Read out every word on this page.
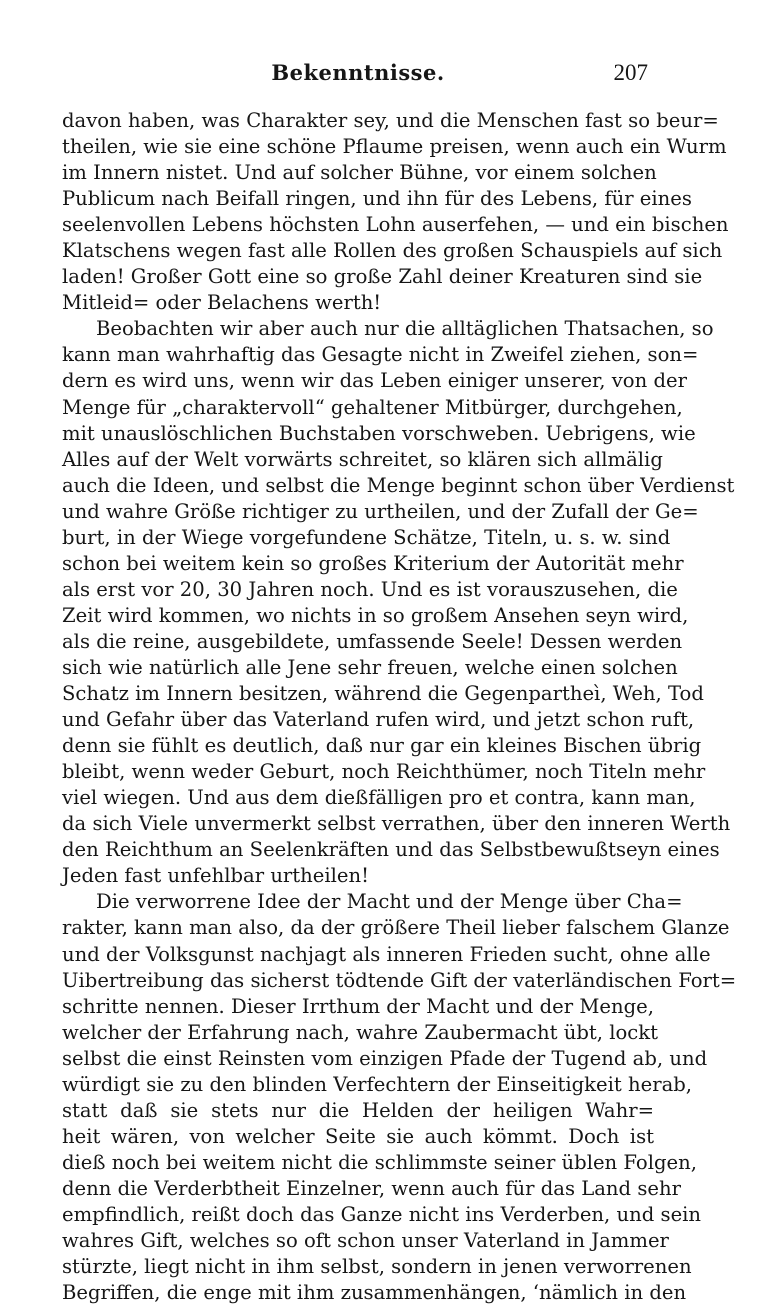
Bekenntnisse.	207
davon haben, was Charakter sey, und die Menschen fast so beur=
theilen, wie sie eine schöne Pflaume preisen, wenn auch ein Wurm
im Innern nistet. Und auf solcher Bühne, vor einem solchen
Publicum nach Beifall ringen, und ihn für des Lebens, für eines
seelenvollen Lebens höchsten Lohn auserfehen, — und ein bischen
Klatschens wegen fast alle Rollen des großen Schauspiels auf sich
laden! Großer Gott eine so große Zahl deiner Kreaturen sind sie
Mitleid= oder Belachens werth!
Beobachten wir aber auch nur die alltäglichen Thatsachen, so
kann man wahrhaftig das Gesagte nicht in Zweifel ziehen, son=
dern es wird uns, wenn wir das Leben einiger unserer, von der
Menge für „charaktervoll“ gehaltener Mitbürger, durchgehen,
mit unauslöschlichen Buchstaben vorschweben. Uebrigens, wie
Alles auf der Welt vorwärts schreitet, so klären sich allmälig
auch die Ideen, und selbst die Menge beginnt schon über Verdienst
und wahre Größe richtiger zu urtheilen, und der Zufall der Ge=
burt, in der Wiege vorgefundene Schätze, Titeln, u. s. w. sind
schon bei weitem kein so großes Kriterium der Autorität mehr
als erst vor 20, 30 Jahren noch. Und es ist vorauszusehen, die
Zeit wird kommen, wo nichts in so großem Ansehen seyn wird,
als die reine, ausgebildete, umfassende Seele! Dessen werden
sich wie natürlich alle Jene sehr freuen, welche einen solchen
Schatz im Innern besitzen, während die Gegenpartheì, Weh, Tod
und Gefahr über das Vaterland rufen wird, und jetzt schon ruft,
denn sie fühlt es deutlich, daß nur gar ein kleines Bischen übrig
bleibt, wenn weder Geburt, noch Reichthümer, noch Titeln mehr
viel wiegen. Und aus dem dießfälligen pro et contra, kann man,
da sich Viele unvermerkt selbst verrathen, über den inneren Werth
den Reichthum an Seelenkräften und das Selbstbewußtseyn eines
Jeden fast unfehlbar urtheilen!
Die verworrene Idee der Macht und der Menge über Cha=
rakter, kann man also, da der größere Theil lieber falschem Glanze
und der Volksgunst nachjagt als inneren Frieden sucht, ohne alle
Uibertreibung das sicherst tödtende Gift der vaterländischen Fort=
schritte nennen. Dieser Irrthum der Macht und der Menge,
welcher der Erfahrung nach, wahre Zaubermacht übt, lockt
selbst die einst Reinsten vom einzigen Pfade der Tugend ab, und
würdigt sie zu den blinden Verfechtern der Einseitigkeit herab,
statt daß sie stets nur die Helden der heiligen Wahr=
heit wären, von welcher Seite sie auch kömmt. Doch ist
dieß noch bei weitem nicht die schlimmste seiner üblen Folgen,
denn die Verderbtheit Einzelner, wenn auch für das Land sehr
empfindlich, reißt doch das Ganze nicht ins Verderben, und sein
wahres Gift, welches so oft schon unser Vaterland in Jammer
stürzte, liegt nicht in ihm selbst, sondern in jenen verworrenen
Begriffen, die enge mit ihm zusammenhängen, ‘nämlich in den
